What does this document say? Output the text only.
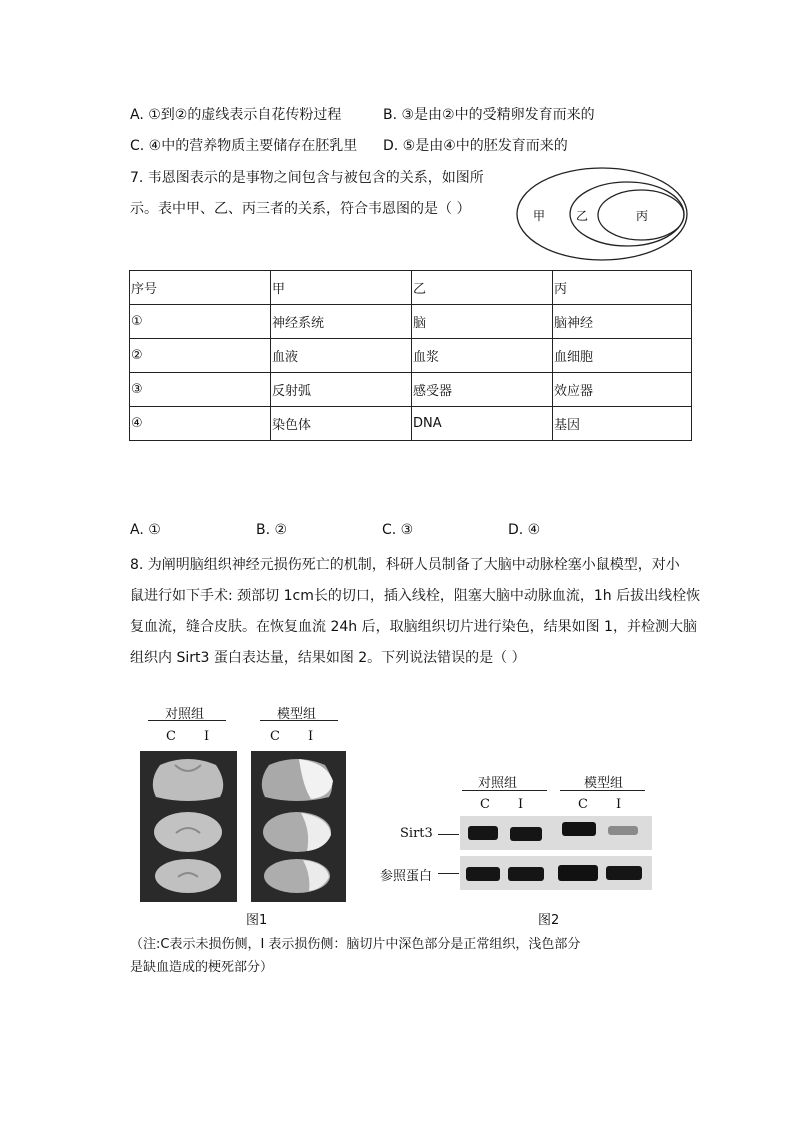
A. ①到②的虚线表示自花传粉过程	B. ③是由②中的受精卵发育而来的
C. ④中的营养物质主要储存在胚乳里 D. ⑤是由④中的胚发育而来的
7. 韦恩图表示的是事物之间包含与被包含的关系，如图所
示。表中甲、乙、丙三者的关系，符合韦恩图的是（ ）	甲	乙	丙
序号	甲	乙	丙
①	神经系统	脑	脑神经
②	血液	血浆	血细胞
③	反射弧	感受器	效应器
④	染色体	DNA	基因
A. ①	B. ②	C. ③	D. ④
8. 为阐明脑组织神经元损伤死亡的机制，科研人员制备了大脑中动脉栓塞小鼠模型，对小
鼠进行如下手术: 颈部切 1cm长的切口，插入线栓，阻塞大脑中动脉血流，1h 后拔出线栓恢
复血流，缝合皮肤。在恢复血流 24h 后，取脑组织切片进行染色，结果如图 1，并检测大脑
组织内 Sirt3 蛋白表达量，结果如图 2。下列说法错误的是（ ）
对照组	模型组
C I	C I
图1
对照组	模型组
C I	C I
Sirt3
参照蛋白
图2
（注:C表示未损伤侧，I 表示损伤侧：脑切片中深色部分是正常组织，浅色部分
是缺血造成的梗死部分）
